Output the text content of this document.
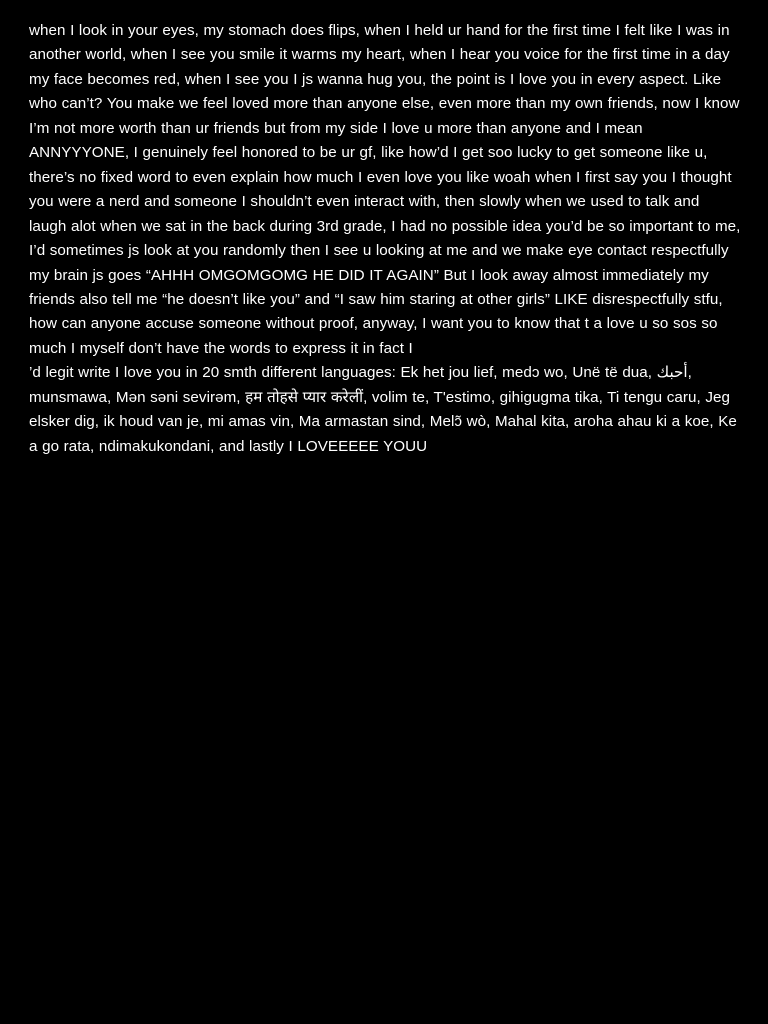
when I look in your eyes, my stomach does flips, when I held ur hand for the first time I felt like I was in another world, when I see you smile it warms my heart, when I hear you voice for the first time in a day my face becomes red, when I see you I js wanna hug you, the point is I love you in every aspect. Like who can’t? You make we feel loved more than anyone else, even more than my own friends, now I know I’m not more worth than ur friends but from my side I love u more than anyone and I mean ANNYYYONE, I genuinely feel honored to be ur gf, like how’d I get soo lucky to get someone like u, there’s no fixed word to even explain how much I even love you like woah when I first say you I thought you were a nerd and someone I shouldn’t even interact with, then slowly when we used to talk and laugh alot when we sat in the back during 3rd grade, I had no possible idea you’d be so important to me, I’d sometimes js look at you randomly then I see u looking at me and we make eye contact respectfully my brain js goes “AHHH OMGOMGOMG HE DID IT AGAIN” But I look away almost immediately my friends also tell me “he doesn’t like you” and “I saw him staring at other girls” LIKE disrespectfully stfu, how can anyone accuse someone without proof, anyway, I want you to know that t a love u so sos so much I myself don’t have the words to express it in fact I
’d legit write I love you in 20 smth different languages: Ek het jou lief, medɔ wo, Unë të dua, أحبك, munsmawa, Mən səni sevirəm, हम तोहसे प्यार करेलीं, volim te, T'estimo, gihigugma tika, Ti tengu caru, Jeg elsker dig, ik houd van je, mi amas vin, Ma armastan sind, Melɔ̃ wò, Mahal kita, aroha ahau ki a koe, Ke a go rata, ndimakukondani, and lastly I LOVEEEEE YOUU
